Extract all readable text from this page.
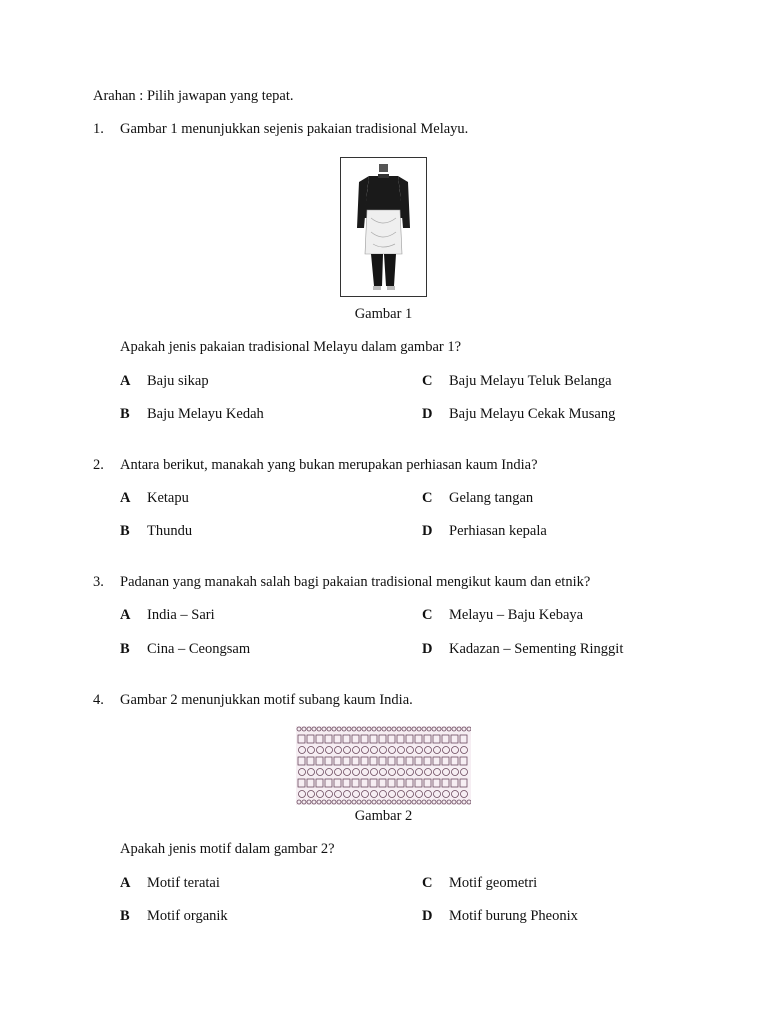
Arahan : Pilih jawapan yang tepat.
1. Gambar 1 menunjukkan sejenis pakaian tradisional Melayu.
Gambar 1
Apakah jenis pakaian tradisional Melayu dalam gambar 1?
A Baju sikap
B Baju Melayu Kedah
C Baju Melayu Teluk Belanga
D Baju Melayu Cekak Musang
2. Antara berikut, manakah yang bukan merupakan perhiasan kaum India?
A Ketapu
B Thundu
C Gelang tangan
D Perhiasan kepala
3. Padanan yang manakah salah bagi pakaian tradisional mengikut kaum dan etnik?
A India – Sari
B Cina – Ceongsam
C Melayu – Baju Kebaya
D Kadazan – Sementing Ringgit
4. Gambar 2 menunjukkan motif subang kaum India.
Gambar 2
Apakah jenis motif dalam gambar 2?
A Motif teratai
B Motif organik
C Motif geometri
D Motif burung Pheonix
